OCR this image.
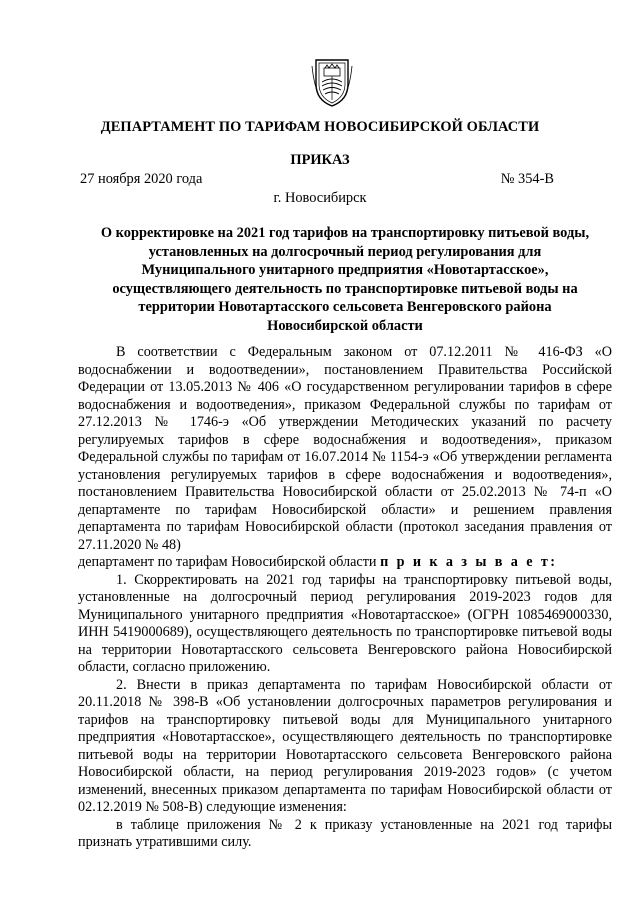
ДЕПАРТАМЕНТ ПО ТАРИФАМ НОВОСИБИРСКОЙ ОБЛАСТИ
ПРИКАЗ
27 ноября 2020 года	№ 354-В
г. Новосибирск
О корректировке на 2021 год тарифов на транспортировку питьевой воды,
установленных на долгосрочный период регулирования для
Муниципального унитарного предприятия «Новотартасское»,
осуществляющего деятельность по транспортировке питьевой воды на
территории Новотартасского сельсовета Венгеровского района
Новосибирской области

В соответствии с Федеральным законом от 07.12.2011 № 416-ФЗ «О водоснабжении и водоотведении», постановлением Правительства Российской Федерации от 13.05.2013 № 406 «О государственном регулировании тарифов в сфере водоснабжения и водоотведения», приказом Федеральной службы по тарифам от 27.12.2013 № 1746-э «Об утверждении Методических указаний по расчету регулируемых тарифов в сфере водоснабжения и водоотведения», приказом Федеральной службы по тарифам от 16.07.2014 № 1154-э «Об утверждении регламента установления регулируемых тарифов в сфере водоснабжения и водоотведения», постановлением Правительства Новосибирской области от 25.02.2013 № 74-п «О департаменте по тарифам Новосибирской области» и решением правления департамента по тарифам Новосибирской области (протокол заседания правления от 27.11.2020 № 48)

департамент по тарифам Новосибирской области п р и к а з ы в а е т:

1. Скорректировать на 2021 год тарифы на транспортировку питьевой воды, установленные на долгосрочный период регулирования 2019-2023 годов для Муниципального унитарного предприятия «Новотартасское» (ОГРН 1085469000330, ИНН 5419000689), осуществляющего деятельность по транспортировке питьевой воды на территории Новотартасского сельсовета Венгеровского района Новосибирской области, согласно приложению.

2. Внести в приказ департамента по тарифам Новосибирской области от 20.11.2018 № 398-В «Об установлении долгосрочных параметров регулирования и тарифов на транспортировку питьевой воды для Муниципального унитарного предприятия «Новотартасское», осуществляющего деятельность по транспортировке питьевой воды на территории Новотартасского сельсовета Венгеровского района Новосибирской области, на период регулирования 2019-2023 годов» (с учетом изменений, внесенных приказом департамента по тарифам Новосибирской области от 02.12.2019 № 508-В) следующие изменения:

в таблице приложения № 2 к приказу установленные на 2021 год тарифы признать утратившими силу.
